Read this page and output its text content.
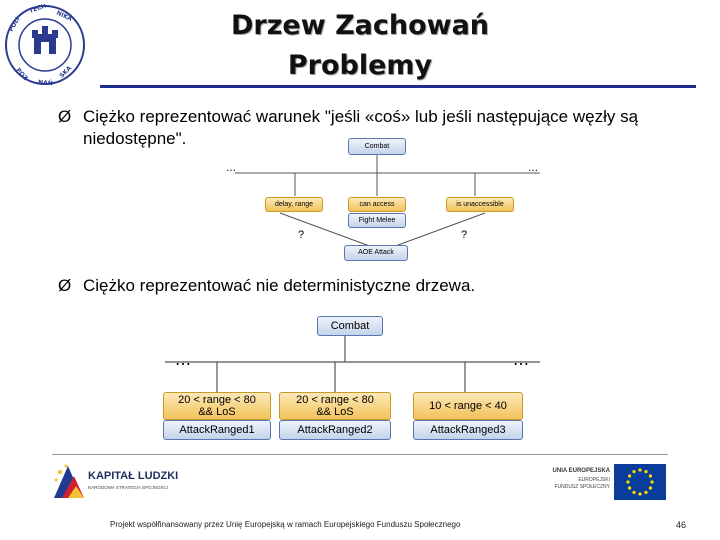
POLI
TECH
NIKA
POZ
NAŃ
SKA
Drzew Zachowań
Problemy
Ø Ciężko reprezentować warunek "jeśli «coś» lub jeśli następujące węzły są niedostępne".	Combat
…	…
delay, range	can access
Fight Melee
is unaccessible
?	?
AOE Attack
Ø Ciężko reprezentować nie deterministyczne drzewa.
Combat
…	…
20 < range < 80
&& LoS
20 < range < 80
&& LoS	10 < range < 40
AttackRanged1	AttackRanged2	AttackRanged3
KAPITAŁ LUDZKI
NARODOWA STRATEGIA SPÓJNOŚCI
UNIA EUROPEJSKA
EUROPEJSKI
FUNDUSZ SPOŁECZNY
Projekt współfinansowany przez Unię Europejską w ramach Europejskiego Funduszu Społecznego	46
